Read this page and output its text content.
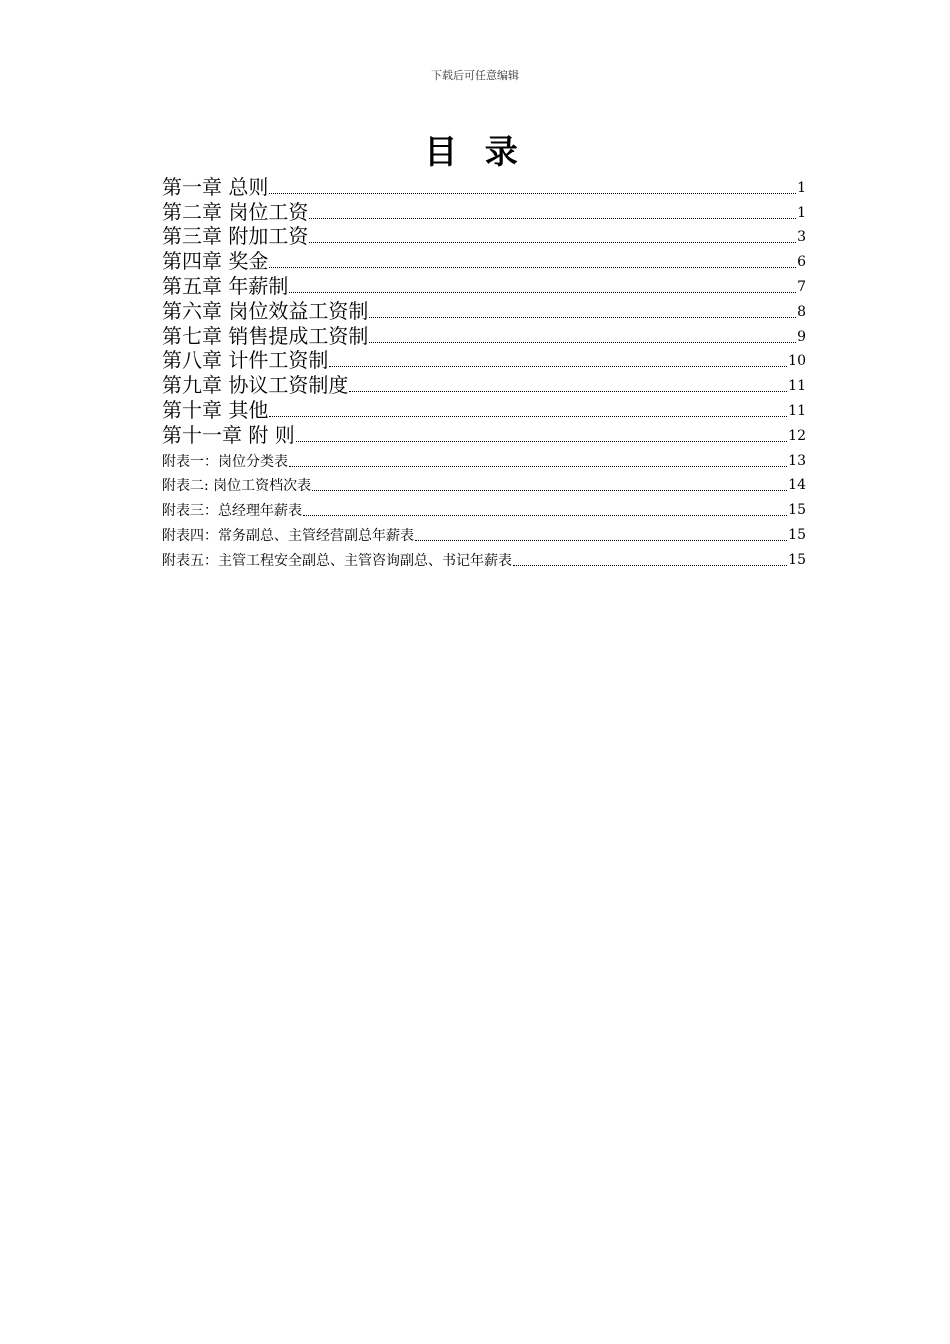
下载后可任意编辑
目 录
第一章 总则	1
第二章 岗位工资	1
第三章 附加工资	3
第四章 奖金	6
第五章 年薪制	7
第六章 岗位效益工资制	8
第七章 销售提成工资制	9
第八章 计件工资制	10
第九章 协议工资制度	11
第十章 其他	11
第十一章 附 则	12
附表一：岗位分类表	13
附表二: 岗位工资档次表	14
附表三：总经理年薪表	15
附表四：常务副总、主管经营副总年薪表	15
附表五：主管工程安全副总、主管咨询副总、书记年薪表	15
